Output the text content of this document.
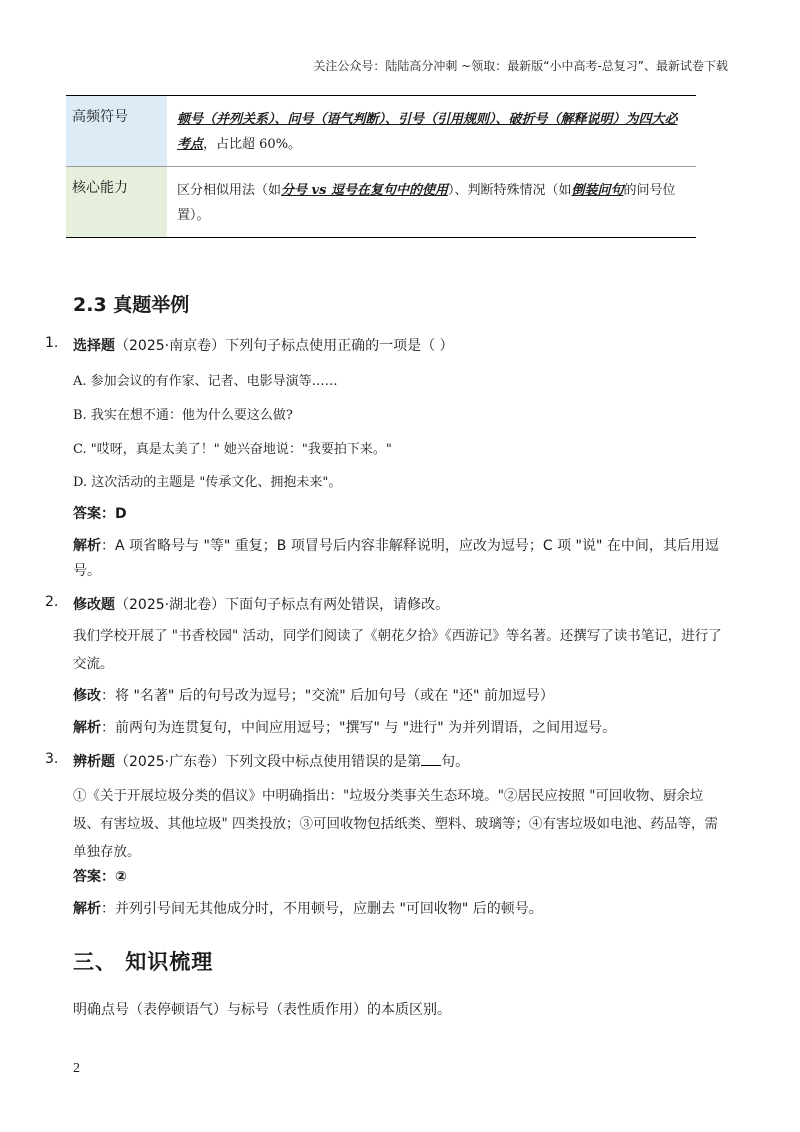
关注公众号：陆陆高分冲刺 ~领取：最新版“小中高考-总复习”、最新试卷下载
高频符号	顿号（并列关系）、问号（语气判断）、引号（引用规则）、破折号（解释说明）为四大必考点，占比超 60%。
核心能力	区分相似用法（如分号 vs 逗号在复句中的使用）、判断特殊情况（如倒装问句的问号位置）。
2.3 真题举例
1. 选择题（2025·南京卷）下列句子标点使用正确的一项是（ ）
A. 参加会议的有作家、记者、电影导演等……
B. 我实在想不通：他为什么要这么做?
C. "哎呀，真是太美了！" 她兴奋地说："我要拍下来。"
D. 这次活动的主题是 "传承文化、拥抱未来"。
答案：D
解析：A 项省略号与 "等" 重复；B 项冒号后内容非解释说明，应改为逗号；C 项 "说" 在中间，其后用逗号。
2. 修改题（2025·湖北卷）下面句子标点有两处错误，请修改。
我们学校开展了 "书香校园" 活动，同学们阅读了《朝花夕拾》《西游记》等名著。还撰写了读书笔记，进行了交流。
修改：将 "名著" 后的句号改为逗号；"交流" 后加句号（或在 "还" 前加逗号）
解析：前两句为连贯复句，中间应用逗号；"撰写" 与 "进行" 为并列谓语，之间用逗号。
3. 辨析题（2025·广东卷）下列文段中标点使用错误的是第 句。
①《关于开展垃圾分类的倡议》中明确指出："垃圾分类事关生态环境。"②居民应按照 "可回收物、厨余垃圾、有害垃圾、其他垃圾" 四类投放；③可回收物包括纸类、塑料、玻璃等；④有害垃圾如电池、药品等，需单独存放。
答案：②
解析：并列引号间无其他成分时，不用顿号，应删去 "可回收物" 后的顿号。
三、 知识梳理
明确点号（表停顿语气）与标号（表性质作用）的本质区别。
2
